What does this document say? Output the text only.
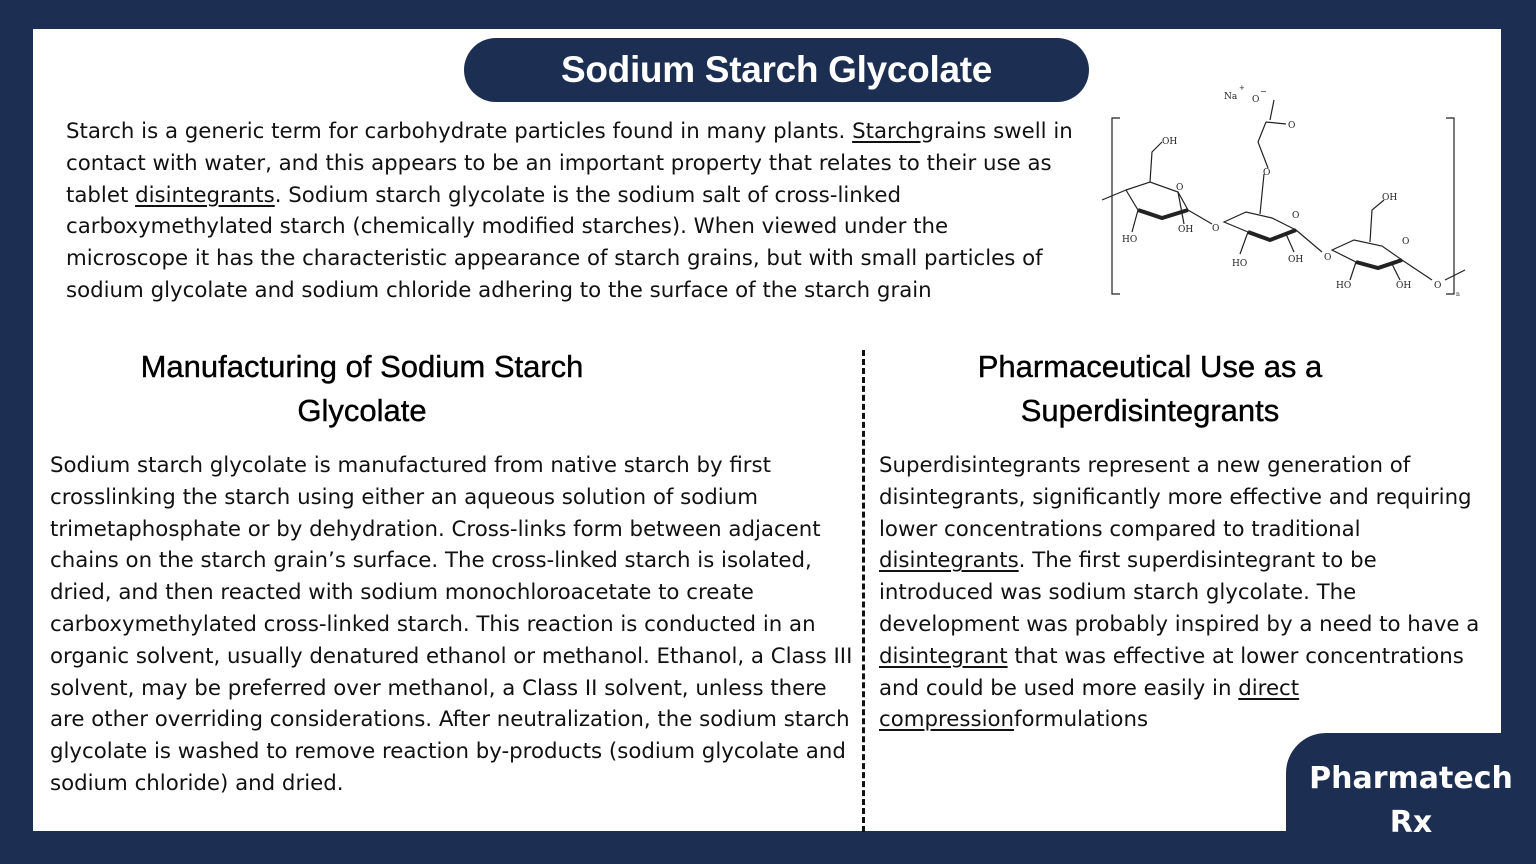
Sodium Starch Glycolate

Starch is a generic term for carbohydrate particles found in many plants. Starchgrains swell in contact with water, and this appears to be an important property that relates to their use as tablet disintegrants. Sodium starch glycolate is the sodium salt of cross-linked carboxymethylated starch (chemically modified starches). When viewed under the microscope it has the characteristic appearance of starch grains, but with small particles of sodium glycolate and sodium chloride adhering to the surface of the starch grain

Na
+
O
−
O
OH
O
HO
OH O
O
O
HO	OH O
OH
O
HO	OH	O
n
Manufacturing of Sodium Starch
Glycolate
Pharmaceutical Use as a
Superdisintegrants

Sodium starch glycolate is manufactured from native starch by first crosslinking the starch using either an aqueous solution of sodium trimetaphosphate or by dehydration. Cross-links form between adjacent chains on the starch grain’s surface. The cross-linked starch is isolated, dried, and then reacted with sodium monochloroacetate to create carboxymethylated cross-linked starch. This reaction is conducted in an organic solvent, usually denatured ethanol or methanol. Ethanol, a Class III solvent, may be preferred over methanol, a Class II solvent, unless there are other overriding considerations. After neutralization, the sodium starch glycolate is washed to remove reaction by-products (sodium glycolate and sodium chloride) and dried.

Superdisintegrants represent a new generation of disintegrants, significantly more effective and requiring lower concentrations compared to traditional disintegrants. The first superdisintegrant to be introduced was sodium starch glycolate. The development was probably inspired by a need to have a disintegrant that was effective at lower concentrations and could be used more easily in direct compressionformulations

Pharmatech
Rx
